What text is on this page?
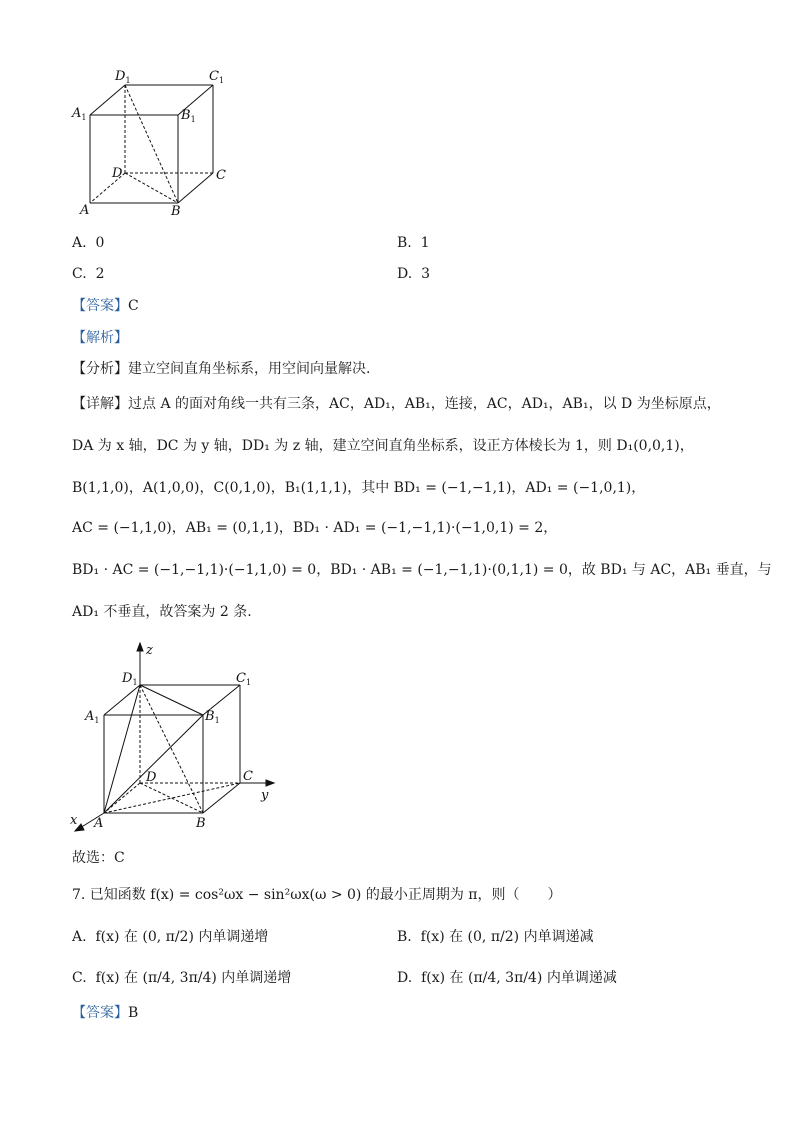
$D_1$	$C_1$
$A_1$	$B_1$
D	C
A	B
A. 0	B. 1
C. 2	D. 3
【答案】C
【解析】
【分析】建立空间直角坐标系，用空间向量解决.
【详解】过点 A 的面对角线一共有三条，AC，AD₁，AB₁，连接，AC，AD₁，AB₁，以 D 为坐标原点，
DA 为 x 轴，DC 为 y 轴，DD₁ 为 z 轴，建立空间直角坐标系，设正方体棱长为 1，则 D₁(0,0,1)，
B(1,1,0)，A(1,0,0)，C(0,1,0)，B₁(1,1,1)，其中 BD₁ = (−1,−1,1)，AD₁ = (−1,0,1)，
AC = (−1,1,0)，AB₁ = (0,1,1)，BD₁ · AD₁ = (−1,−1,1)·(−1,0,1) = 2，
BD₁ · AC = (−1,−1,1)·(−1,1,0) = 0，BD₁ · AB₁ = (−1,−1,1)·(0,1,1) = 0，故 BD₁ 与 AC，AB₁ 垂直，与
AD₁ 不垂直，故答案为 2 条.
z
$D_1$	$C_1$
$A_1$	$B_1$
D	C
y
A	B
x
故选：C
7. 已知函数 f(x) = cos²ωx − sin²ωx(ω > 0) 的最小正周期为 π，则（　　）
A. f(x) 在 (0, π/2) 内单调递增	B. f(x) 在 (0, π/2) 内单调递减
C. f(x) 在 (π/4, 3π/4) 内单调递增	D. f(x) 在 (π/4, 3π/4) 内单调递减
【答案】B
